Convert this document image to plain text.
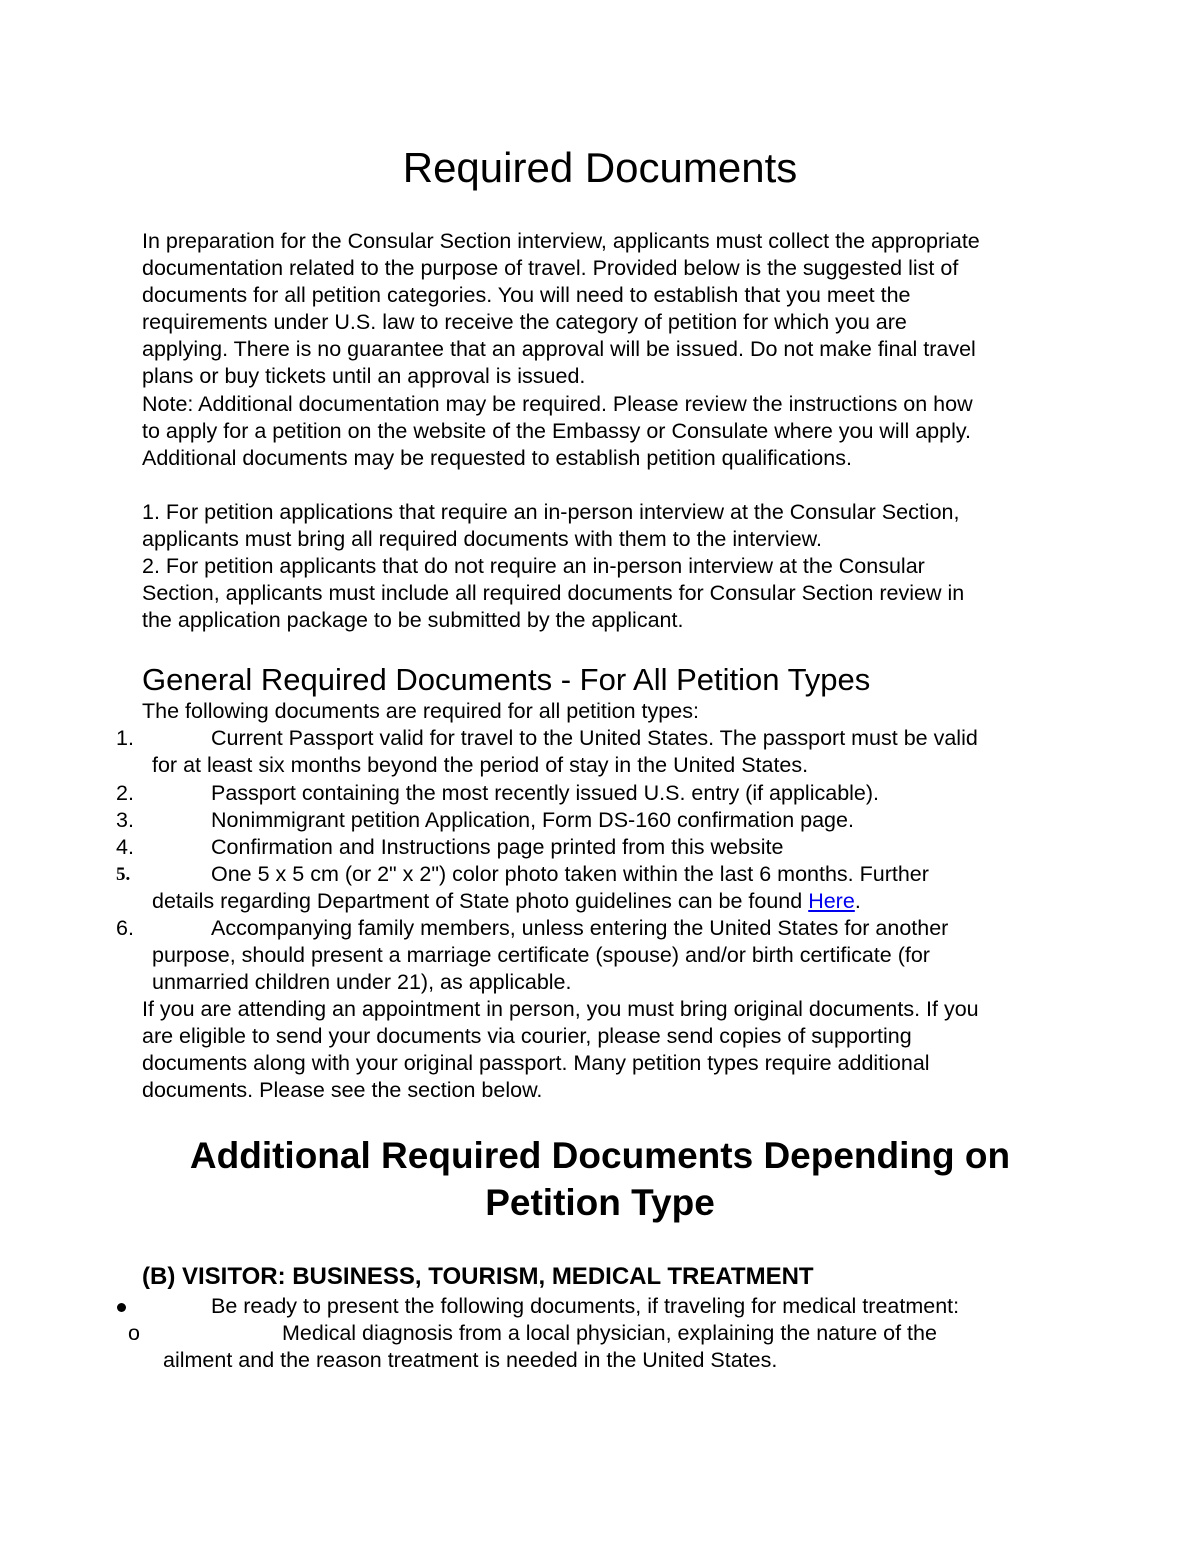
Required Documents
In preparation for the Consular Section interview, applicants must collect the appropriate
documentation related to the purpose of travel. Provided below is the suggested list of
documents for all petition categories. You will need to establish that you meet the
requirements under U.S. law to receive the category of petition for which you are
applying. There is no guarantee that an approval will be issued. Do not make final travel
plans or buy tickets until an approval is issued.
Note: Additional documentation may be required. Please review the instructions on how
to apply for a petition on the website of the Embassy or Consulate where you will apply.
Additional documents may be requested to establish petition qualifications.
1. For petition applications that require an in-person interview at the Consular Section,
applicants must bring all required documents with them to the interview.
2. For petition applicants that do not require an in-person interview at the Consular
Section, applicants must include all required documents for Consular Section review in
the application package to be submitted by the applicant.
General Required Documents - For All Petition Types
The following documents are required for all petition types:
1.	Current Passport valid for travel to the United States. The passport must be valid
for at least six months beyond the period of stay in the United States.
2.	Passport containing the most recently issued U.S. entry (if applicable).
3.	Nonimmigrant petition Application, Form DS-160 confirmation page.
4.	Confirmation and Instructions page printed from this website
5.	One 5 x 5 cm (or 2" x 2") color photo taken within the last 6 months. Further
details regarding Department of State photo guidelines can be found Here.
6.	Accompanying family members, unless entering the United States for another
purpose, should present a marriage certificate (spouse) and/or birth certificate (for
unmarried children under 21), as applicable.
If you are attending an appointment in person, you must bring original documents. If you
are eligible to send your documents via courier, please send copies of supporting
documents along with your original passport. Many petition types require additional
documents. Please see the section below.
Additional Required Documents Depending on
Petition Type
(B) VISITOR: BUSINESS, TOURISM, MEDICAL TREATMENT
Be ready to present the following documents, if traveling for medical treatment:
o	Medical diagnosis from a local physician, explaining the nature of the
ailment and the reason treatment is needed in the United States.
